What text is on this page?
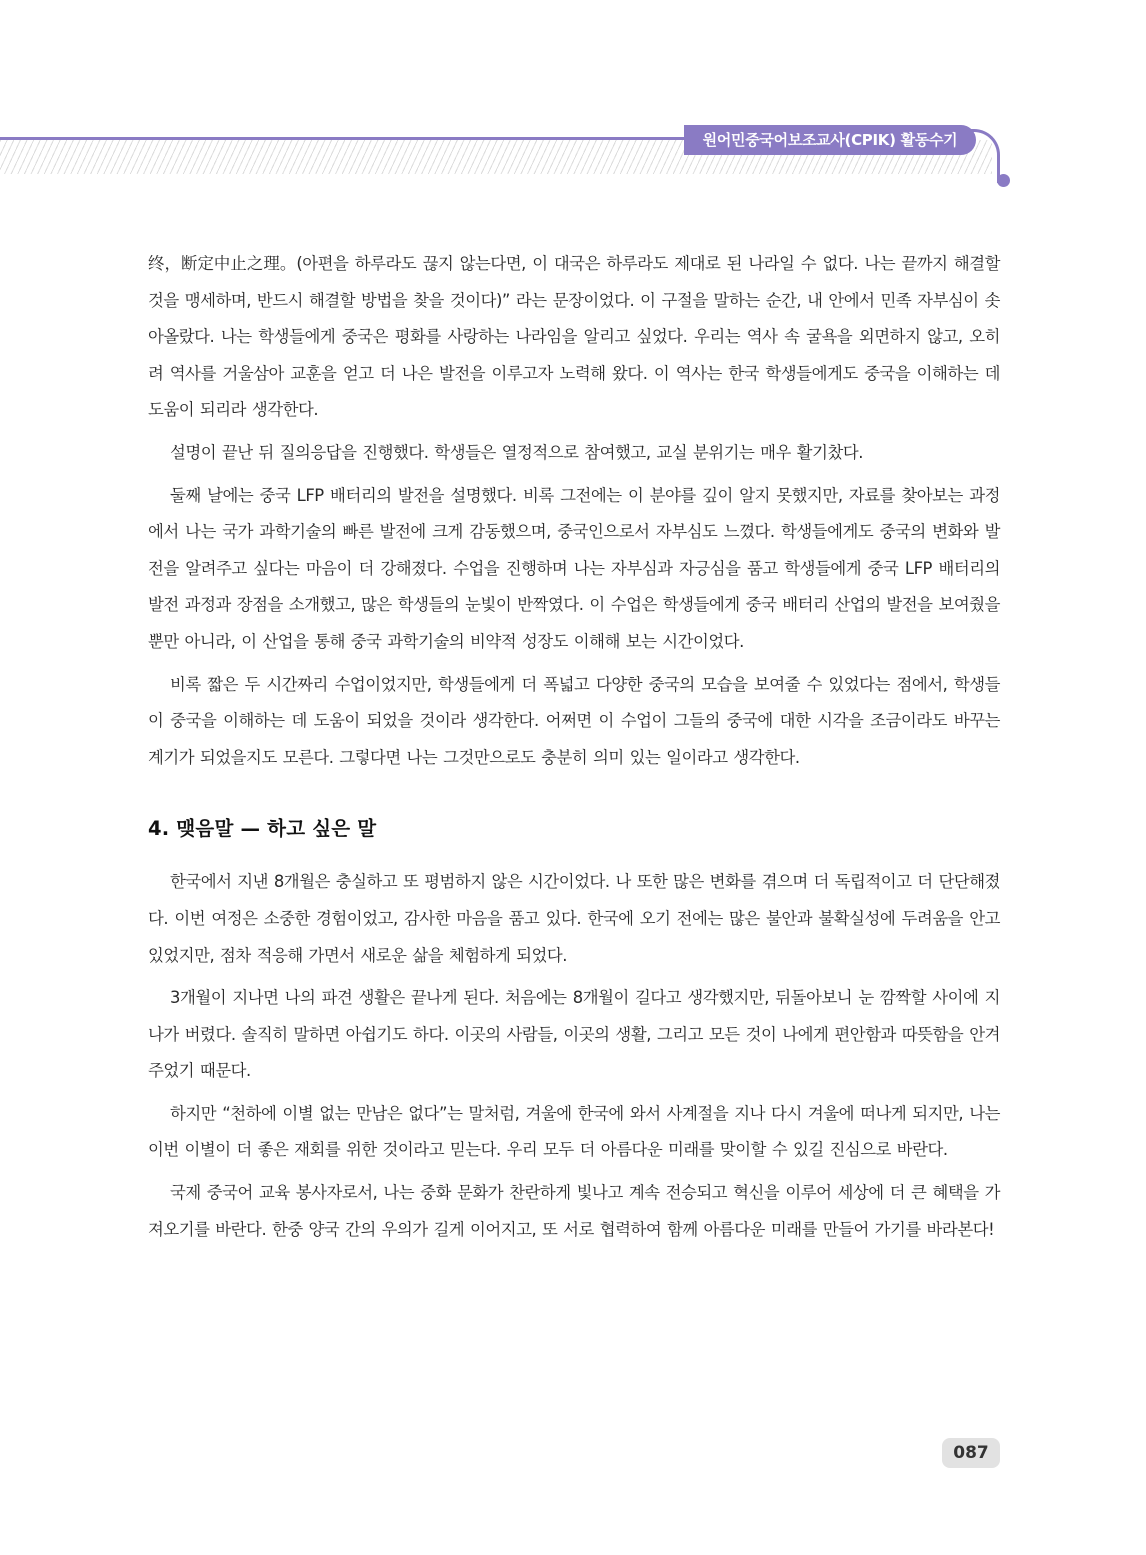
원어민중국어보조교사(CPIK) 활동수기

终，断定中止之理。(아편을 하루라도 끊지 않는다면, 이 대국은 하루라도 제대로 된 나라일 수 없다. 나는 끝까지 해결할 것을 맹세하며, 반드시 해결할 방법을 찾을 것이다)” 라는 문장이었다. 이 구절을 말하는 순간, 내 안에서 민족 자부심이 솟아올랐다. 나는 학생들에게 중국은 평화를 사랑하는 나라임을 알리고 싶었다. 우리는 역사 속 굴욕을 외면하지 않고, 오히려 역사를 거울삼아 교훈을 얻고 더 나은 발전을 이루고자 노력해 왔다. 이 역사는 한국 학생들에게도 중국을 이해하는 데 도움이 되리라 생각한다.

설명이 끝난 뒤 질의응답을 진행했다. 학생들은 열정적으로 참여했고, 교실 분위기는 매우 활기찼다.

둘째 날에는 중국 LFP 배터리의 발전을 설명했다. 비록 그전에는 이 분야를 깊이 알지 못했지만, 자료를 찾아보는 과정에서 나는 국가 과학기술의 빠른 발전에 크게 감동했으며, 중국인으로서 자부심도 느꼈다. 학생들에게도 중국의 변화와 발전을 알려주고 싶다는 마음이 더 강해졌다. 수업을 진행하며 나는 자부심과 자긍심을 품고 학생들에게 중국 LFP 배터리의 발전 과정과 장점을 소개했고, 많은 학생들의 눈빛이 반짝였다. 이 수업은 학생들에게 중국 배터리 산업의 발전을 보여줬을 뿐만 아니라, 이 산업을 통해 중국 과학기술의 비약적 성장도 이해해 보는 시간이었다.

비록 짧은 두 시간짜리 수업이었지만, 학생들에게 더 폭넓고 다양한 중국의 모습을 보여줄 수 있었다는 점에서, 학생들이 중국을 이해하는 데 도움이 되었을 것이라 생각한다. 어쩌면 이 수업이 그들의 중국에 대한 시각을 조금이라도 바꾸는 계기가 되었을지도 모른다. 그렇다면 나는 그것만으로도 충분히 의미 있는 일이라고 생각한다.

4. 맺음말 — 하고 싶은 말

한국에서 지낸 8개월은 충실하고 또 평범하지 않은 시간이었다. 나 또한 많은 변화를 겪으며 더 독립적이고 더 단단해졌다. 이번 여정은 소중한 경험이었고, 감사한 마음을 품고 있다. 한국에 오기 전에는 많은 불안과 불확실성에 두려움을 안고 있었지만, 점차 적응해 가면서 새로운 삶을 체험하게 되었다.

3개월이 지나면 나의 파견 생활은 끝나게 된다. 처음에는 8개월이 길다고 생각했지만, 뒤돌아보니 눈 깜짝할 사이에 지나가 버렸다. 솔직히 말하면 아쉽기도 하다. 이곳의 사람들, 이곳의 생활, 그리고 모든 것이 나에게 편안함과 따뜻함을 안겨주었기 때문다.

하지만 “천하에 이별 없는 만남은 없다”는 말처럼, 겨울에 한국에 와서 사계절을 지나 다시 겨울에 떠나게 되지만, 나는 이번 이별이 더 좋은 재회를 위한 것이라고 믿는다. 우리 모두 더 아름다운 미래를 맞이할 수 있길 진심으로 바란다.

국제 중국어 교육 봉사자로서, 나는 중화 문화가 찬란하게 빛나고 계속 전승되고 혁신을 이루어 세상에 더 큰 혜택을 가져오기를 바란다. 한중 양국 간의 우의가 길게 이어지고, 또 서로 협력하여 함께 아름다운 미래를 만들어 가기를 바라본다!

087
